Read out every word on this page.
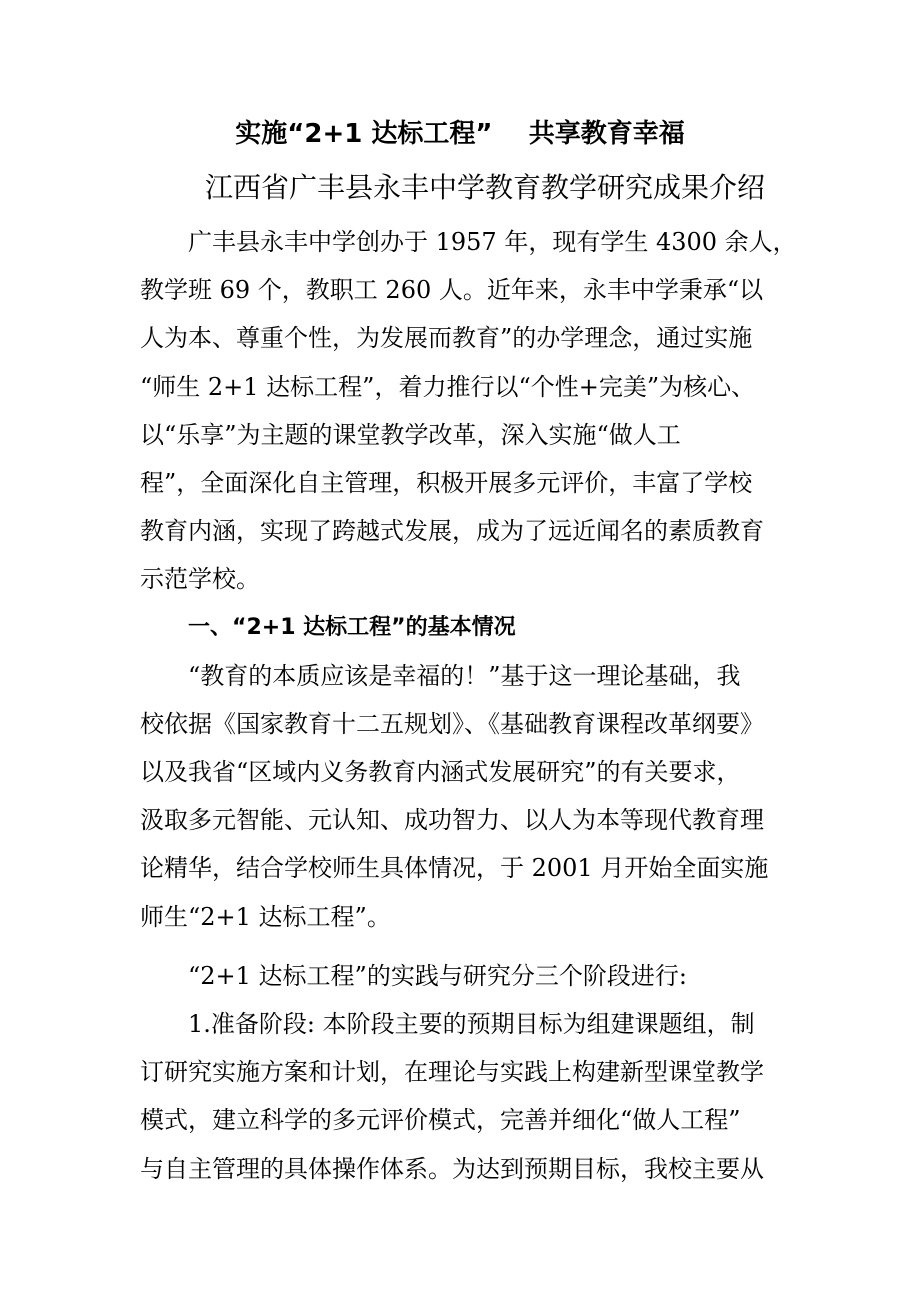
实施“2+1 达标工程”    共享教育幸福
江西省广丰县永丰中学教育教学研究成果介绍
广丰县永丰中学创办于 1957 年，现有学生 4300 余人，
教学班 69 个，教职工 260 人。近年来，永丰中学秉承“以
人为本、尊重个性，为发展而教育”的办学理念，通过实施
“师生 2+1 达标工程”，着力推行以“个性+完美”为核心、
以“乐享”为主题的课堂教学改革，深入实施“做人工
程”，全面深化自主管理，积极开展多元评价，丰富了学校
教育内涵，实现了跨越式发展，成为了远近闻名的素质教育
示范学校。
一、“2+1 达标工程”的基本情况
“教育的本质应该是幸福的！”基于这一理论基础，我
校依据《国家教育十二五规划》、《基础教育课程改革纲要》
以及我省“区域内义务教育内涵式发展研究”的有关要求，
汲取多元智能、元认知、成功智力、以人为本等现代教育理
论精华，结合学校师生具体情况，于 2001 月开始全面实施
师生“2+1 达标工程”。
“2+1 达标工程”的实践与研究分三个阶段进行:
1.准备阶段: 本阶段主要的预期目标为组建课题组，制
订研究实施方案和计划，在理论与实践上构建新型课堂教学
模式，建立科学的多元评价模式，完善并细化“做人工程”
与自主管理的具体操作体系。为达到预期目标，我校主要从
